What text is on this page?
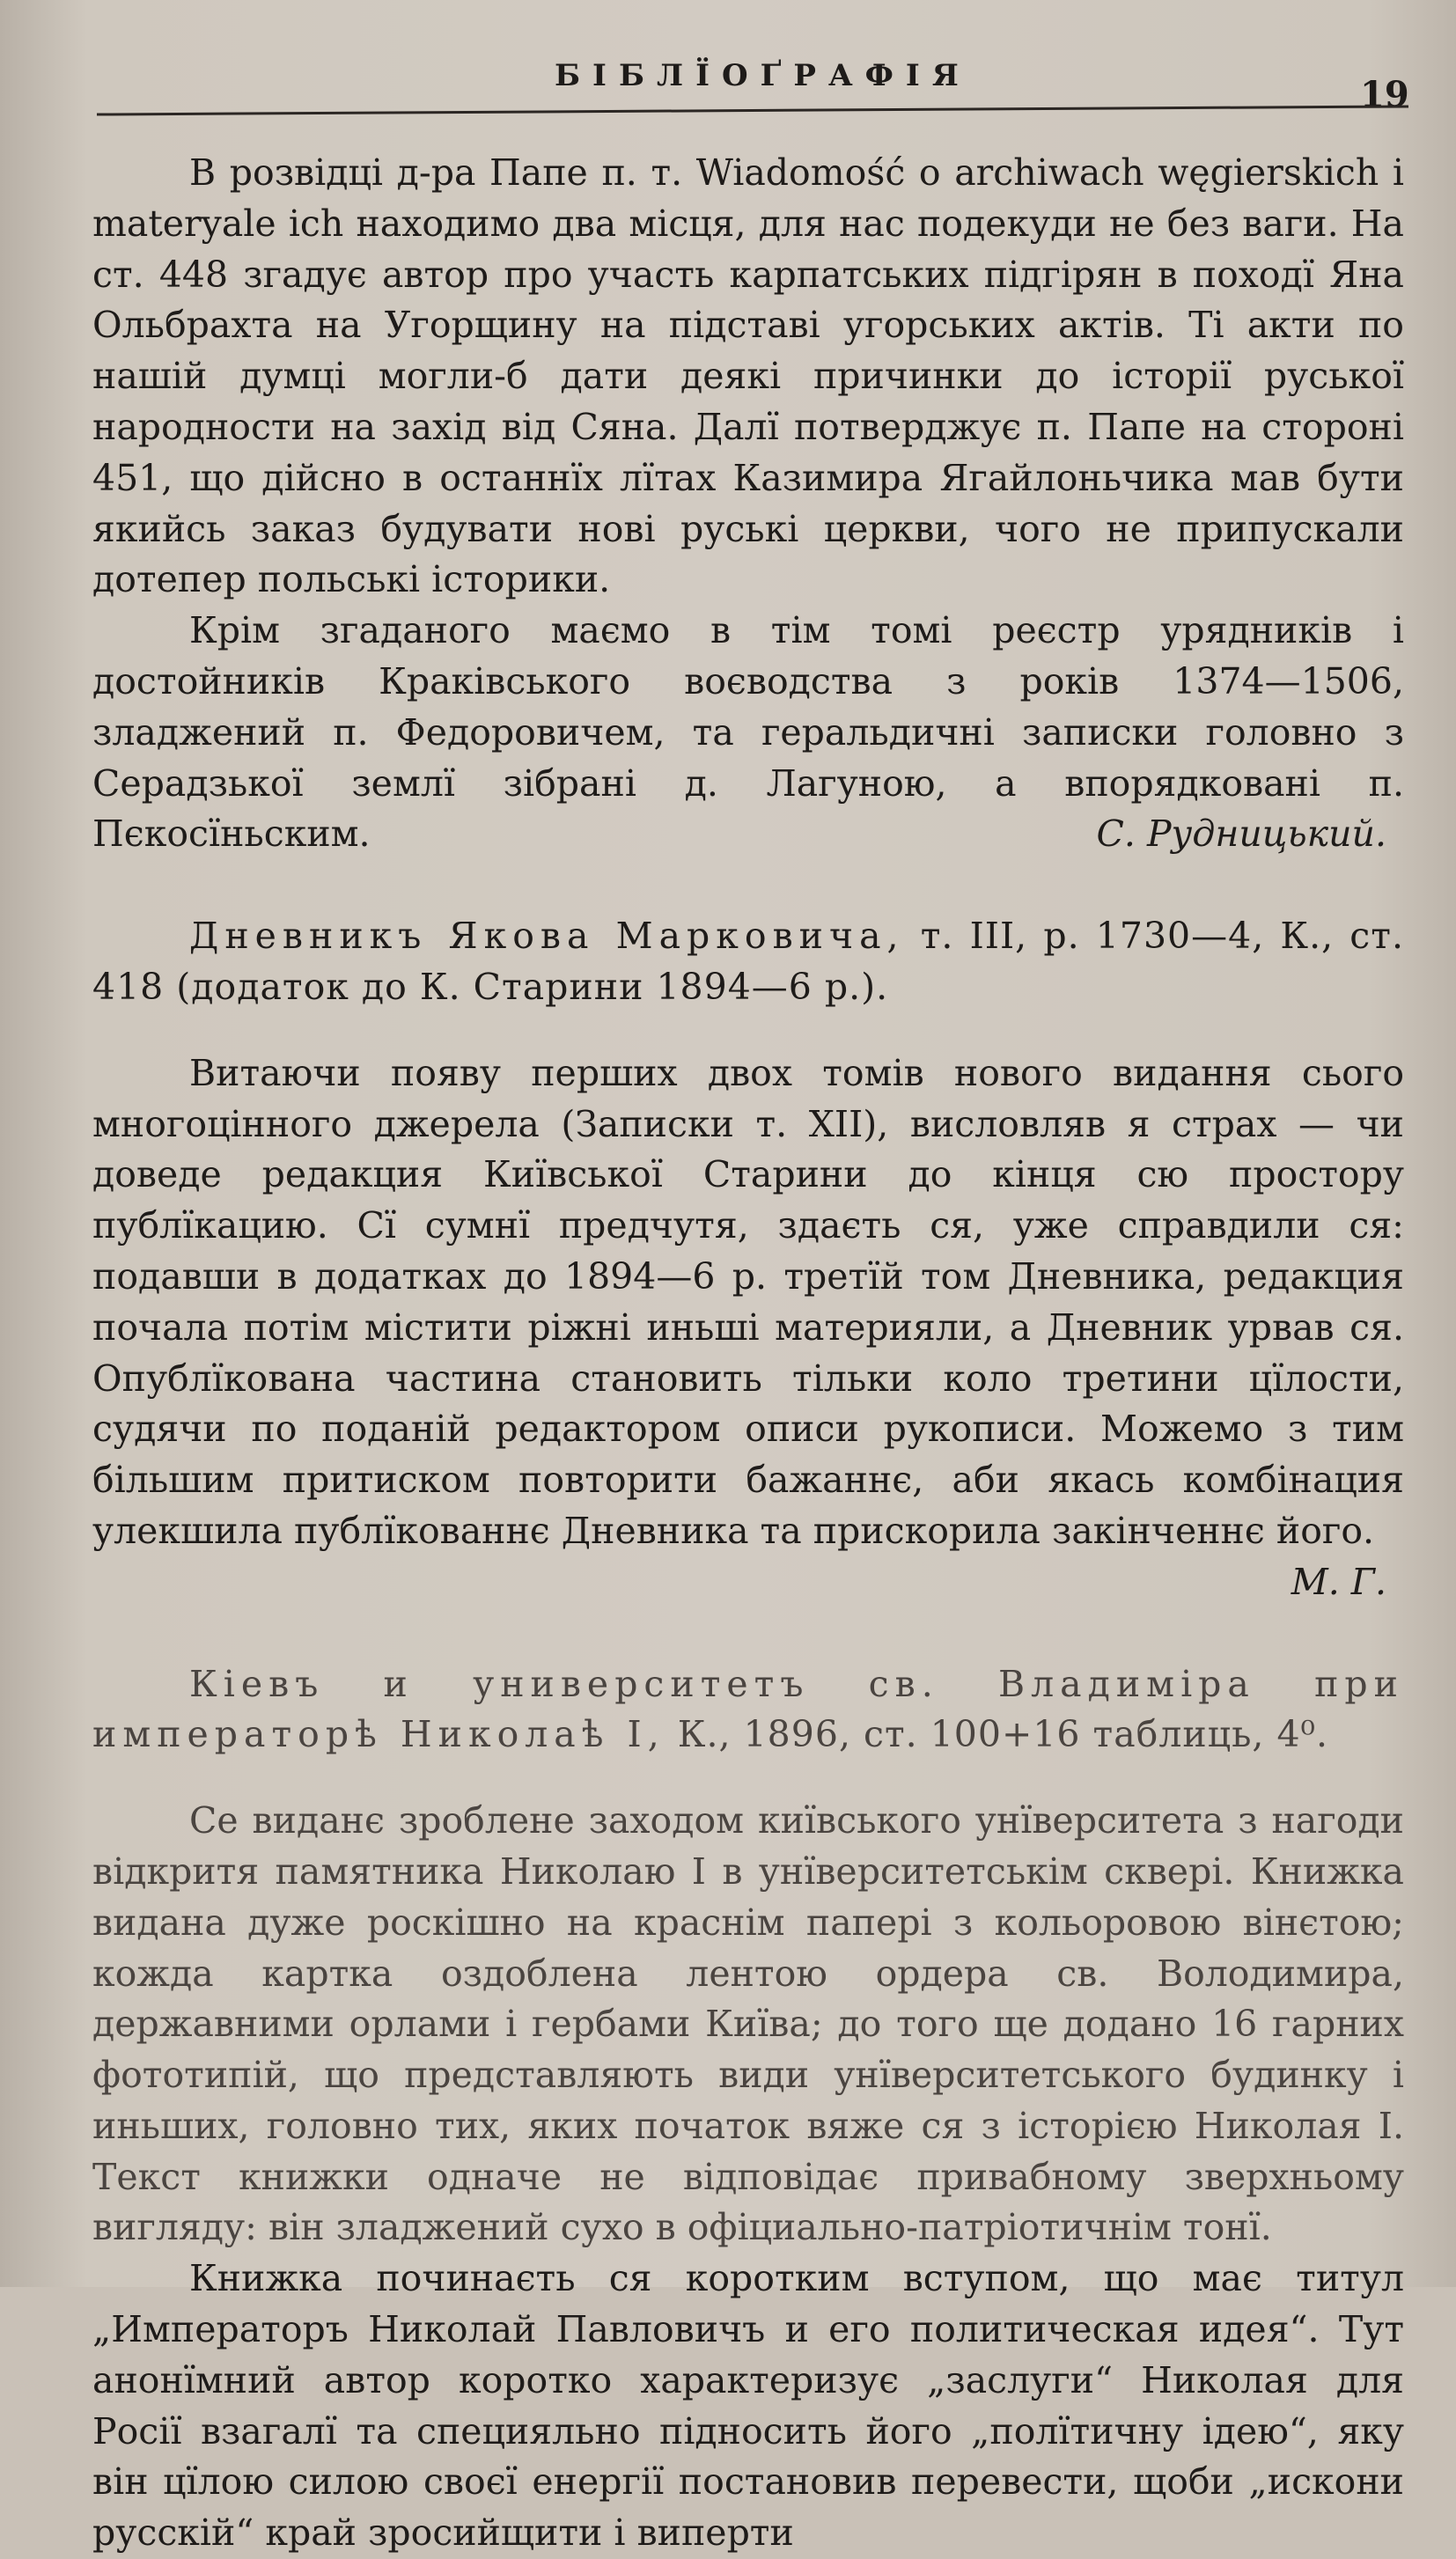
БІБЛЇОҐРАФІЯ	19

В розвідці д-ра Папе п. т. Wiadomość o archiwach węgierskich i materyale ich находимо два місця, для нас подекуди не без ваги. На ст. 448 згадує автор про участь карпатських підгірян в походї Яна Ольбрахта на Угорщину на підставі угорських актів. Ті акти по нашій думці могли-б дати деякі причинки до історії руської народности на захід від Сяна. Далї потверджує п. Папе на стороні 451, що дійсно в останнїх лїтах Казимира Ягайлоньчика мав бути якийсь заказ будувати нові руські церкви, чого не припускали дотепер польські історики.

Крім згаданого маємо в тім томі реєстр урядників і достойників Краківського воєводства з років 1374—1506, зладжений п. Федоровичем, та геральдичні записки головно з Серадзької землї зібрані д. Лагуною, а впорядковані п. Пєкосїньским.	С. Рудницький.

Дневникъ Якова Марковича, т. III, р. 1730—4, К., ст. 418 (додаток до К. Старини 1894—6 р.).

Витаючи появу перших двох томів нового видання сього многоцінного джерела (Записки т. XII), висловляв я страх — чи доведе редакция Київської Старини до кінця сю простору публїкацию. Сї сумнї предчутя, здаєть ся, уже справдили ся: подавши в додатках до 1894—6 р. третїй том Дневника, редакция почала потім містити ріжні иньші материяли, а Дневник урвав ся. Опублїкована частина становить тільки коло третини цїлости, судячи по поданій редактором описи рукописи. Можемо з тим більшим притиском повторити бажаннє, аби якась комбінация улекшила публїкованнє Дневника та прискорила закінченнє його.
М. Г.

Кіевъ и университетъ св. Владиміра при императорѣ Николаѣ I, К., 1896, ст. 100+16 таблиць, 4⁰.

Се виданє зроблене заходом київського унїверситета з нагоди відкритя памятника Николаю I в унїверситетськім сквері. Книжка видана дуже роскішно на краснім папері з кольоровою вінєтою; кожда картка оздоблена лентою ордера св. Володимира, державними орлами і гербами Київа; до того ще додано 16 гарних фототипій, що представляють види унїверситетського будинку і иньших, головно тих, яких початок вяже ся з історією Николая I. Текст книжки одначе не відповідає привабному зверхньому вигляду: він зладжений сухо в офіциально-патріотичнім тонї.

Книжка починаєть ся коротким вступом, що має титул „Императоръ Николай Павловичъ и его политическая идея“. Тут анонїмний автор коротко характеризує „заслуги“ Николая для Росії взагалї та специяльно підносить його „полїтичну ідею“, яку він цїлою силою своєї енергії постановив перевести, щоби „искони русскій“ край зросийщити і виперти
